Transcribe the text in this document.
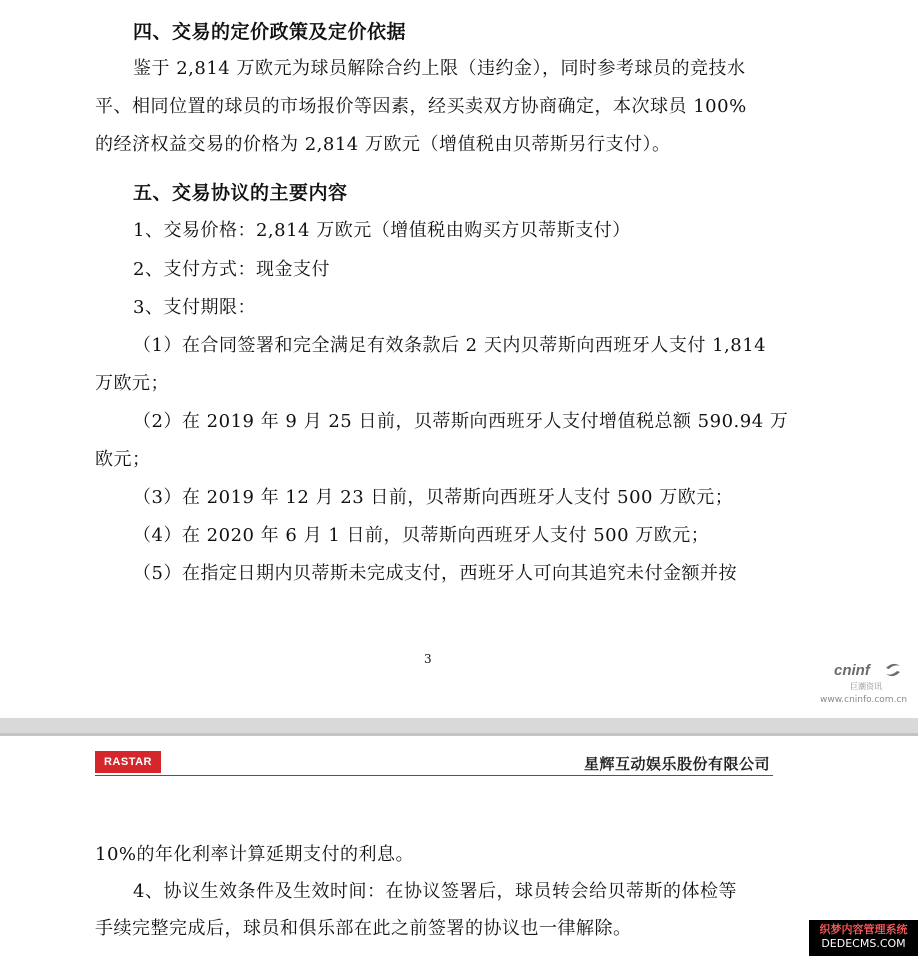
四、交易的定价政策及定价依据
鉴于 2,814 万欧元为球员解除合约上限（违约金），同时参考球员的竞技水
平、相同位置的球员的市场报价等因素，经买卖双方协商确定，本次球员 100%
的经济权益交易的价格为 2,814 万欧元（增值税由贝蒂斯另行支付）。
五、交易协议的主要内容
1、交易价格：2,814 万欧元（增值税由购买方贝蒂斯支付）
2、支付方式：现金支付
3、支付期限：
（1）在合同签署和完全满足有效条款后 2 天内贝蒂斯向西班牙人支付 1,814
万欧元；
（2）在 2019 年 9 月 25 日前，贝蒂斯向西班牙人支付增值税总额 590.94 万
欧元；
（3）在 2019 年 12 月 23 日前，贝蒂斯向西班牙人支付 500 万欧元；
（4）在 2020 年 6 月 1 日前，贝蒂斯向西班牙人支付 500 万欧元；
（5）在指定日期内贝蒂斯未完成支付，西班牙人可向其追究未付金额并按
3
cninf
巨潮资讯
www.cninfo.com.cn
RASTAR	星辉互动娱乐股份有限公司
10%的年化利率计算延期支付的利息。
4、协议生效条件及生效时间：在协议签署后，球员转会给贝蒂斯的体检等
手续完整完成后，球员和俱乐部在此之前签署的协议也一律解除。	织梦内容管理系统
DEDECMS.COM
